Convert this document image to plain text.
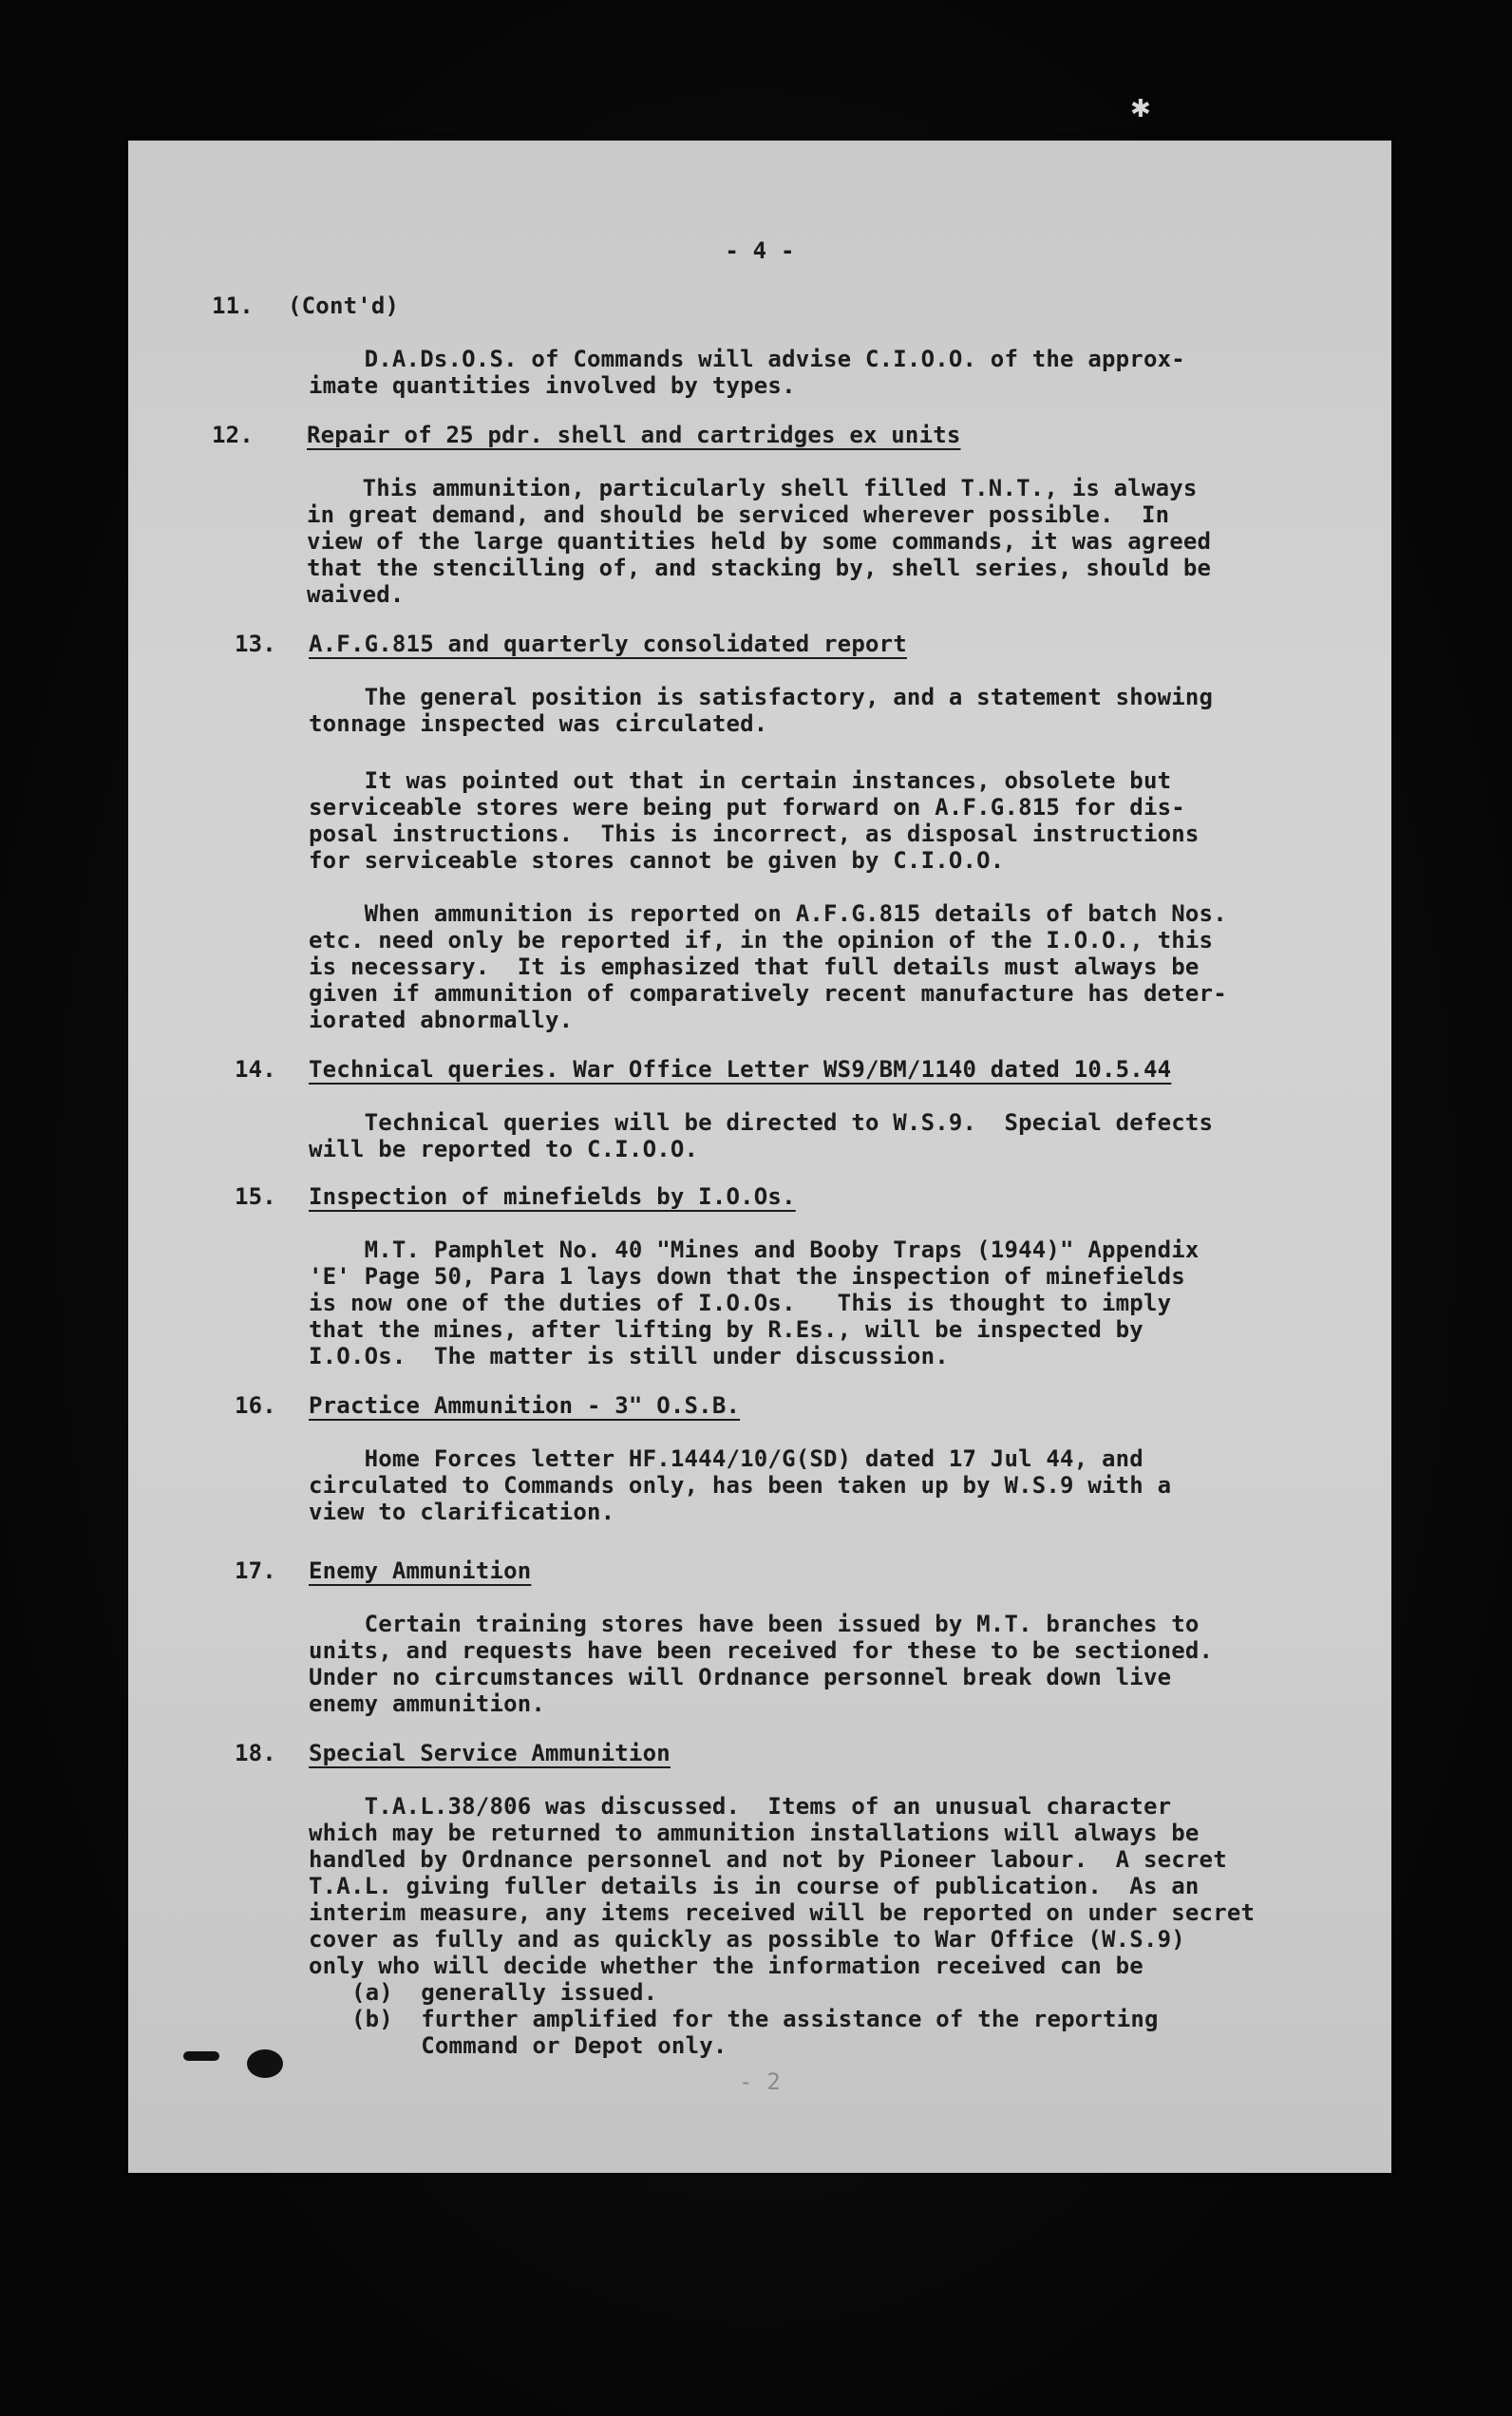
✱
- 4 -
11.	(Cont'd)

D.A.Ds.O.S. of Commands will advise C.I.O.O. of the approx-
imate quantities involved by types.

12.	Repair of 25 pdr. shell and cartridges ex units

This ammunition, particularly shell filled T.N.T., is always
in great demand, and should be serviced wherever possible.  In
view of the large quantities held by some commands, it was agreed
that the stencilling of, and stacking by, shell series, should be
waived.

13.	A.F.G.815 and quarterly consolidated report

The general position is satisfactory, and a statement showing
tonnage inspected was circulated.

It was pointed out that in certain instances, obsolete but
serviceable stores were being put forward on A.F.G.815 for dis-
posal instructions.  This is incorrect, as disposal instructions
for serviceable stores cannot be given by C.I.O.O.

When ammunition is reported on A.F.G.815 details of batch Nos.
etc. need only be reported if, in the opinion of the I.O.O., this
is necessary.  It is emphasized that full details must always be
given if ammunition of comparatively recent manufacture has deter-
iorated abnormally.

14.	Technical queries. War Office Letter WS9/BM/1140 dated 10.5.44

Technical queries will be directed to W.S.9.  Special defects
will be reported to C.I.O.O.

15.	Inspection of minefields by I.O.Os.

M.T. Pamphlet No. 40 "Mines and Booby Traps (1944)" Appendix
'E' Page 50, Para 1 lays down that the inspection of minefields
is now one of the duties of I.O.Os.   This is thought to imply
that the mines, after lifting by R.Es., will be inspected by
I.O.Os.  The matter is still under discussion.

16.	Practice Ammunition - 3" O.S.B.

Home Forces letter HF.1444/10/G(SD) dated 17 Jul 44, and
circulated to Commands only, has been taken up by W.S.9 with a
view to clarification.

17.	Enemy Ammunition

Certain training stores have been issued by M.T. branches to
units, and requests have been received for these to be sectioned.
Under no circumstances will Ordnance personnel break down live
enemy ammunition.

18.	Special Service Ammunition

T.A.L.38/806 was discussed.  Items of an unusual character
which may be returned to ammunition installations will always be
handled by Ordnance personnel and not by Pioneer labour.  A secret
T.A.L. giving fuller details is in course of publication.  As an
interim measure, any items received will be reported on under secret
cover as fully and as quickly as possible to War Office (W.S.9)
only who will decide whether the information received can be

(a)  generally issued.
(b)  further amplified for the assistance of the reporting
Command or Depot only.
- 2
